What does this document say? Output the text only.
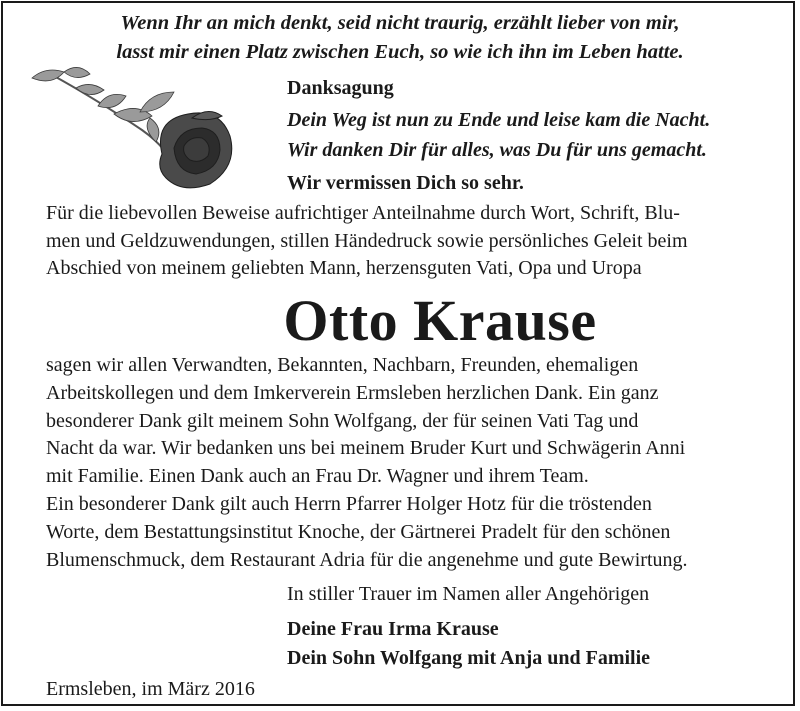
Wenn Ihr an mich denkt, seid nicht traurig, erzählt lieber von mir,
lasst mir einen Platz zwischen Euch, so wie ich ihn im Leben hatte.
Danksagung
Dein Weg ist nun zu Ende und leise kam die Nacht.
Wir danken Dir für alles, was Du für uns gemacht.
Wir vermissen Dich so sehr.
Für die liebevollen Beweise aufrichtiger Anteilnahme durch Wort, Schrift, Blu-
men und Geldzuwendungen, stillen Händedruck sowie persönliches Geleit beim
Abschied von meinem geliebten Mann, herzensguten Vati, Opa und Uropa
Otto Krause
sagen wir allen Verwandten, Bekannten, Nachbarn, Freunden, ehemaligen
Arbeitskollegen und dem Imkerverein Ermsleben herzlichen Dank. Ein ganz
besonderer Dank gilt meinem Sohn Wolfgang, der für seinen Vati Tag und
Nacht da war. Wir bedanken uns bei meinem Bruder Kurt und Schwägerin Anni
mit Familie. Einen Dank auch an Frau Dr. Wagner und ihrem Team.
Ein besonderer Dank gilt auch Herrn Pfarrer Holger Hotz für die tröstenden
Worte, dem Bestattungsinstitut Knoche, der Gärtnerei Pradelt für den schönen
Blumenschmuck, dem Restaurant Adria für die angenehme und gute Bewirtung.
In stiller Trauer im Namen aller Angehörigen
Deine Frau Irma Krause
Dein Sohn Wolfgang mit Anja und Familie
Ermsleben, im März 2016
